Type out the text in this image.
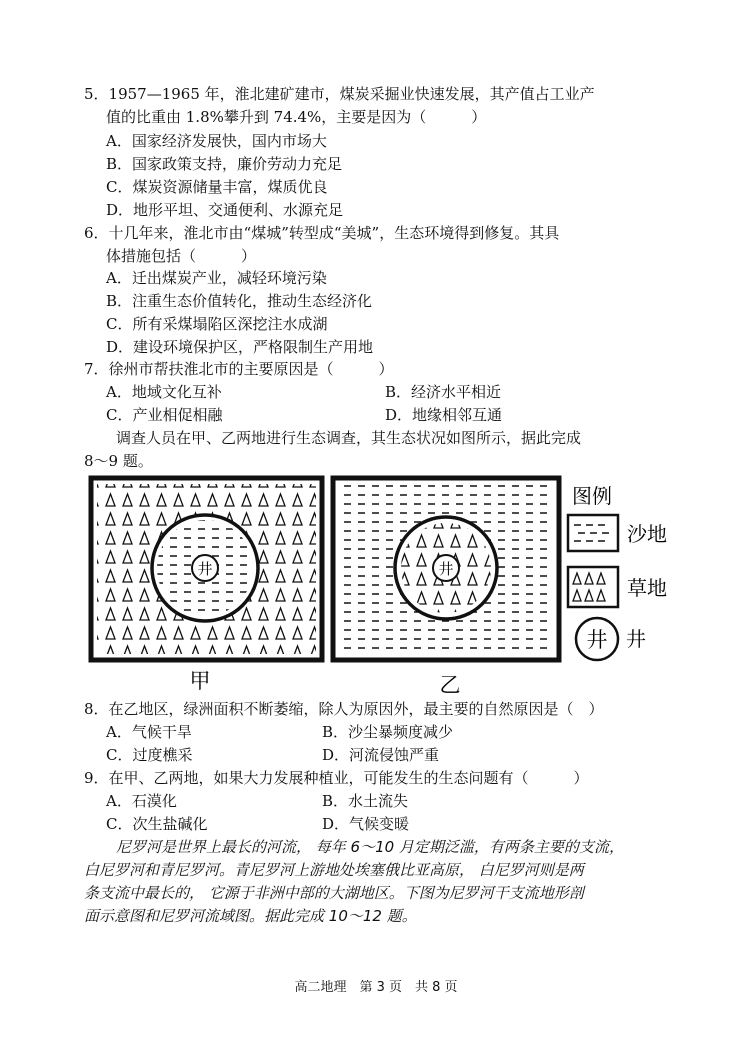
5．1957—1965 年，淮北建矿建市，煤炭采掘业快速发展，其产值占工业产
值的比重由 1.8%攀升到 74.4%，主要是因为（　　　）
A．国家经济发展快，国内市场大
B．国家政策支持，廉价劳动力充足
C．煤炭资源储量丰富，煤质优良
D．地形平坦、交通便利、水源充足
6．十几年来，淮北市由“煤城”转型成“美城”，生态环境得到修复。其具
体措施包括（　　　）
A．迁出煤炭产业，减轻环境污染
B．注重生态价值转化，推动生态经济化
C．所有采煤塌陷区深挖注水成湖
D．建设环境保护区，严格限制生产用地
7．徐州市帮扶淮北市的主要原因是（　　　）
A．地域文化互补	B．经济水平相近
C．产业相促相融	D．地缘相邻互通
调查人员在甲、乙两地进行生态调查，其生态状况如图所示，据此完成
8～9 题。
井	井
甲	乙
图例
沙地
草地
井 井
8．在乙地区，绿洲面积不断萎缩，除人为原因外，最主要的自然原因是（　）
A．气候干旱	B．沙尘暴频度减少
C．过度樵采	D．河流侵蚀严重
9．在甲、乙两地，如果大力发展种植业，可能发生的生态问题有（　　　）
A．石漠化	B．水土流失
C．次生盐碱化	D．气候变暖
尼罗河是世界上最长的河流， 每年 6～10 月定期泛滥，有两条主要的支流，
白尼罗河和青尼罗河。青尼罗河上游地处埃塞俄比亚高原， 白尼罗河则是两
条支流中最长的， 它源于非洲中部的大湖地区。下图为尼罗河干支流地形剖
面示意图和尼罗河流域图。据此完成 10～12 题。
高二地理　第 3 页　共 8 页
